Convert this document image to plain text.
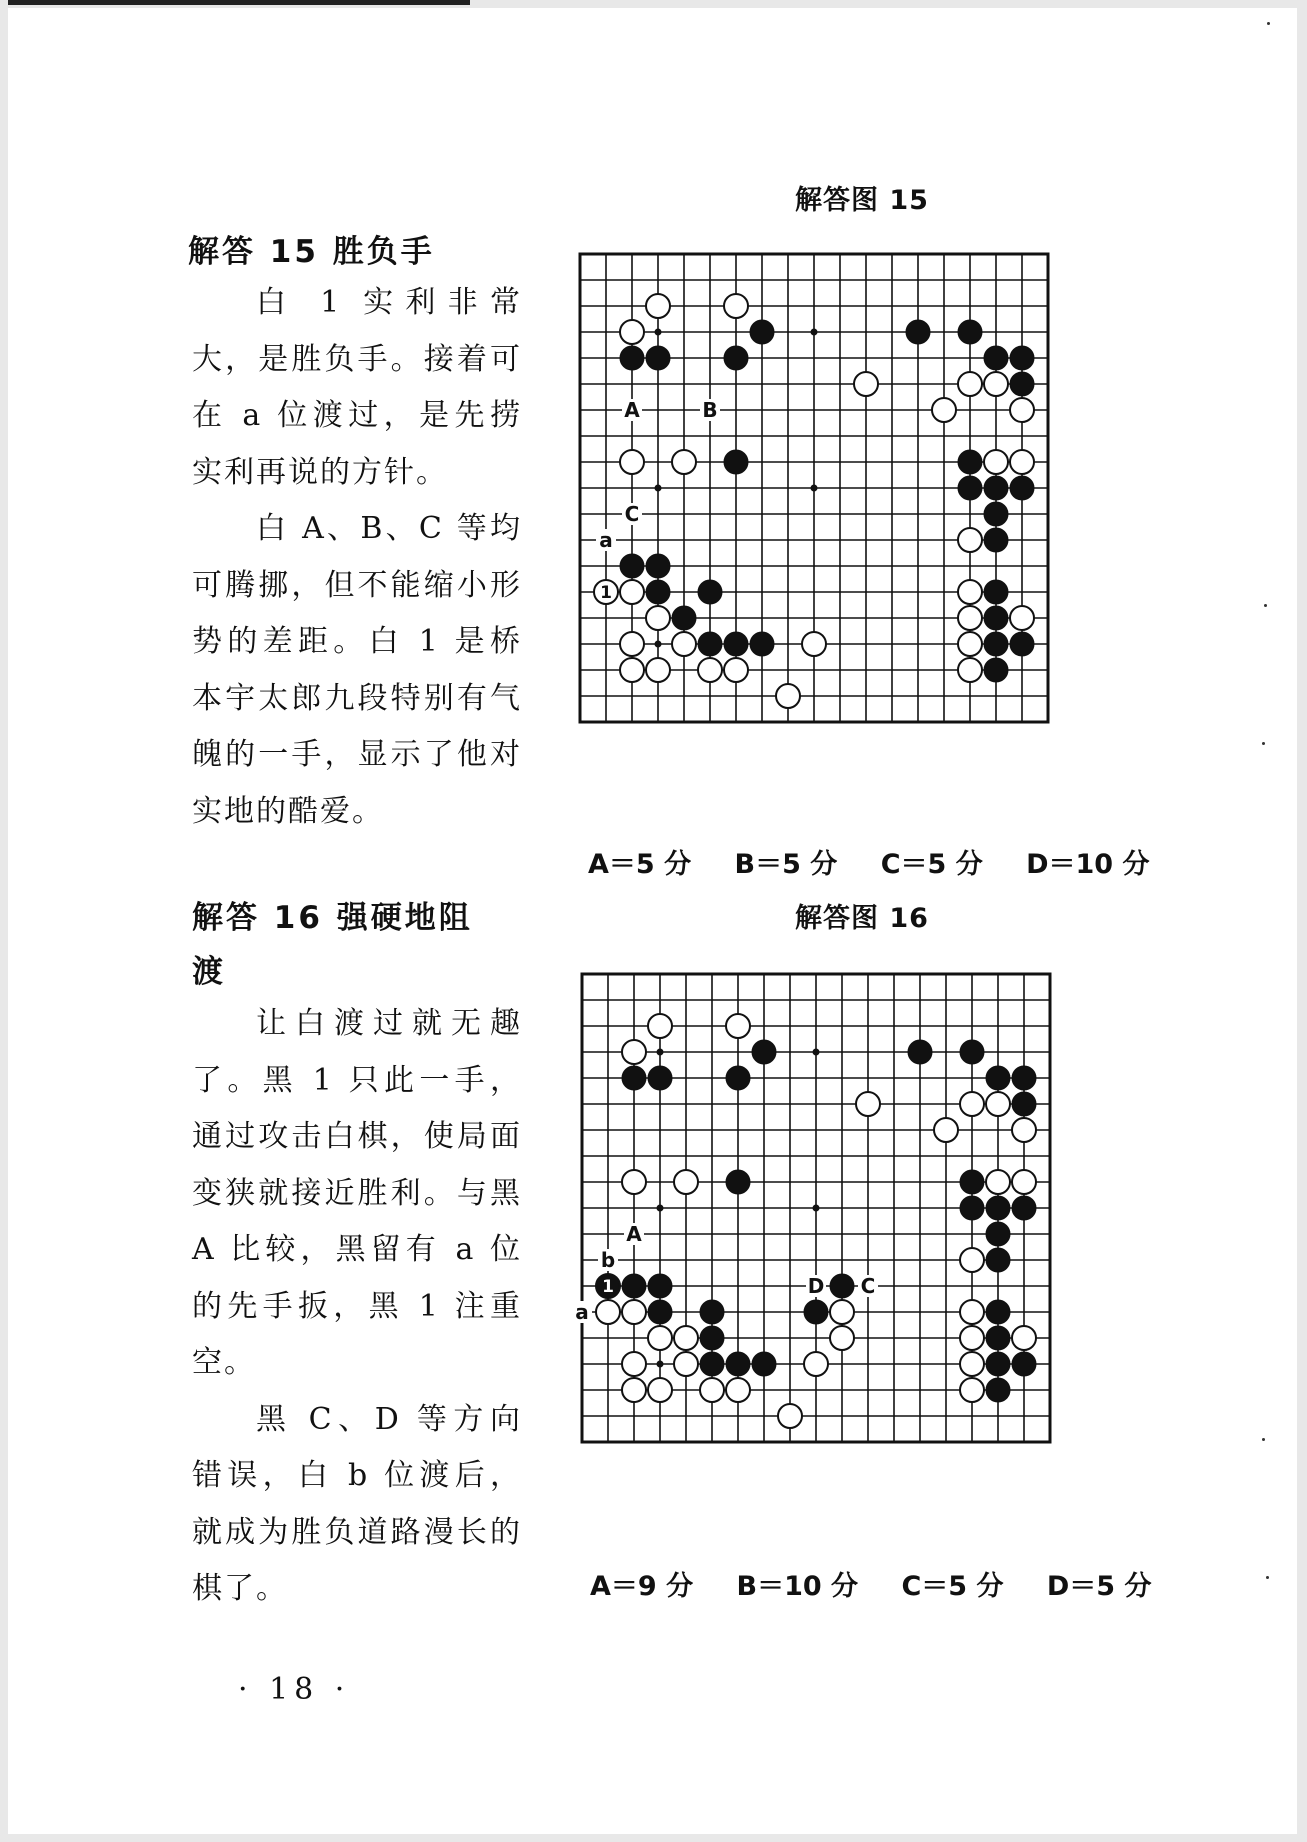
解答 15 胜负手

白 1 实利非常大，是胜负手。接着可在 a 位渡过，是先捞实利再说的方针。

白 A、B、C 等均可腾挪，但不能缩小形势的差距。白 1 是桥本宇太郎九段特别有气魄的一手，显示了他对实地的酷爱。

解答 16 强硬地阻
渡

让白渡过就无趣了。黑 1 只此一手，通过攻击白棋，使局面变狭就接近胜利。与黑 A 比较，黑留有 a 位的先手扳，黑 1 注重空。

黑 C、D 等方向错误，白 b 位渡后，就成为胜负道路漫长的棋了。

解答图 15
1
A	B
C
a
A＝5 分 B＝5 分 C＝5 分 D＝10 分
解答图 16
1
A
b
a
D C
A＝9 分 B＝10 分 C＝5 分 D＝5 分
· 18 ·
